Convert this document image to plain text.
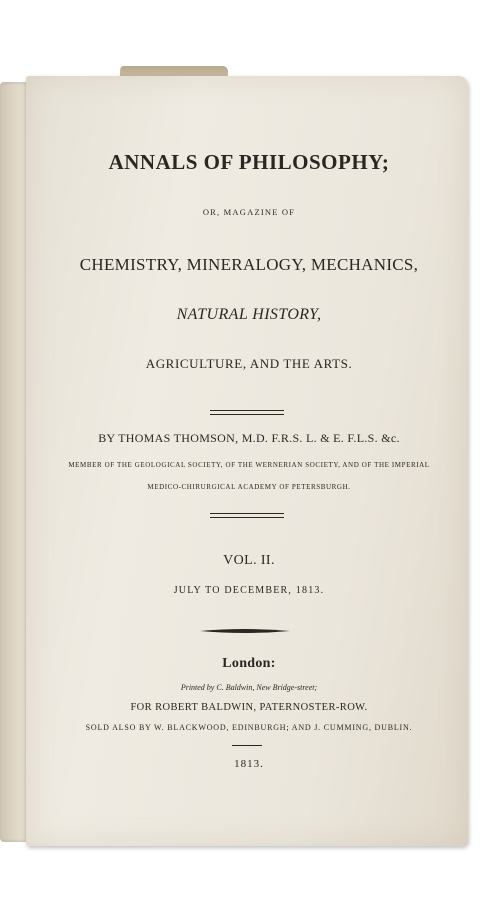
ANNALS OF PHILOSOPHY;

OR, MAGAZINE OF

CHEMISTRY, MINERALOGY, MECHANICS,

NATURAL HISTORY,

AGRICULTURE, AND THE ARTS.

BY THOMAS THOMSON, M.D. F.R.S. L. & E. F.L.S. &c.

MEMBER OF THE GEOLOGICAL SOCIETY, OF THE WERNERIAN SOCIETY, AND OF THE IMPERIAL

MEDICO-CHIRURGICAL ACADEMY OF PETERSBURGH.

VOL. II.

JULY TO DECEMBER, 1813.

London:

Printed by C. Baldwin, New Bridge-street;

FOR ROBERT BALDWIN, PATERNOSTER-ROW.

SOLD ALSO BY W. BLACKWOOD, EDINBURGH; AND J. CUMMING, DUBLIN.

1813.
